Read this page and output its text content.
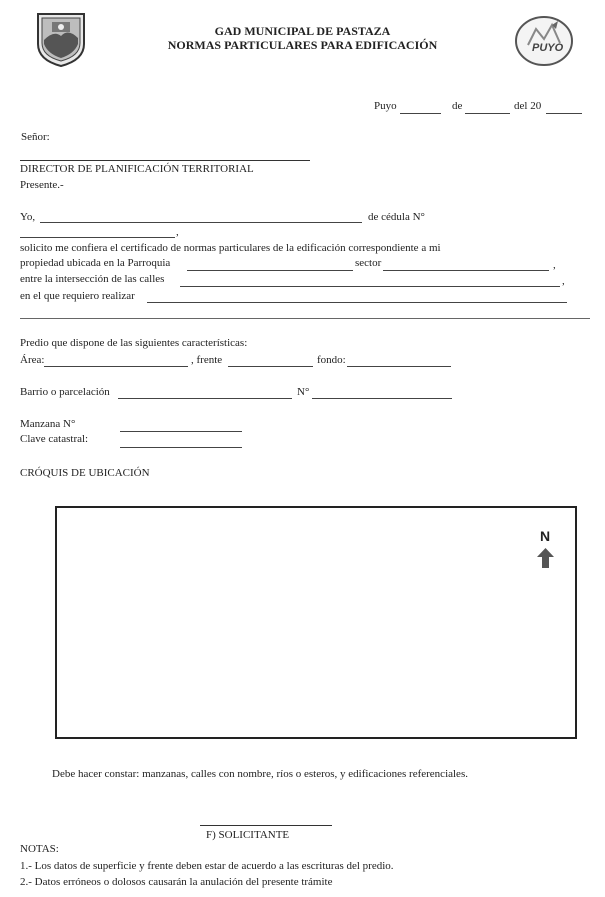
PUYO
GAD MUNICIPAL DE PASTAZA
NORMAS PARTICULARES PARA EDIFICACIÓN
Puyo	de	del 20
Señor:
DIRECTOR DE PLANIFICACIÓN TERRITORIAL
Presente.-
Yo,	de cédula N°
,
solicito me confiera el certificado de normas particulares de la edificación correspondiente a mi
propiedad ubicada en la Parroquia	sector	,
entre la intersección de las calles	,
en el que requiero realizar
Predio que dispone de las siguientes características:
Área:	, frente	fondo:
Barrio o parcelación	N°
Manzana N°
Clave catastral:
CRÓQUIS DE UBICACIÓN
N
Debe hacer constar: manzanas, calles con nombre, ríos o esteros, y edificaciones referenciales.
F) SOLICITANTE
NOTAS:
1.- Los datos de superficie y frente deben estar de acuerdo a las escrituras del predio.
2.- Datos erróneos o dolosos causarán la anulación del presente trámite
